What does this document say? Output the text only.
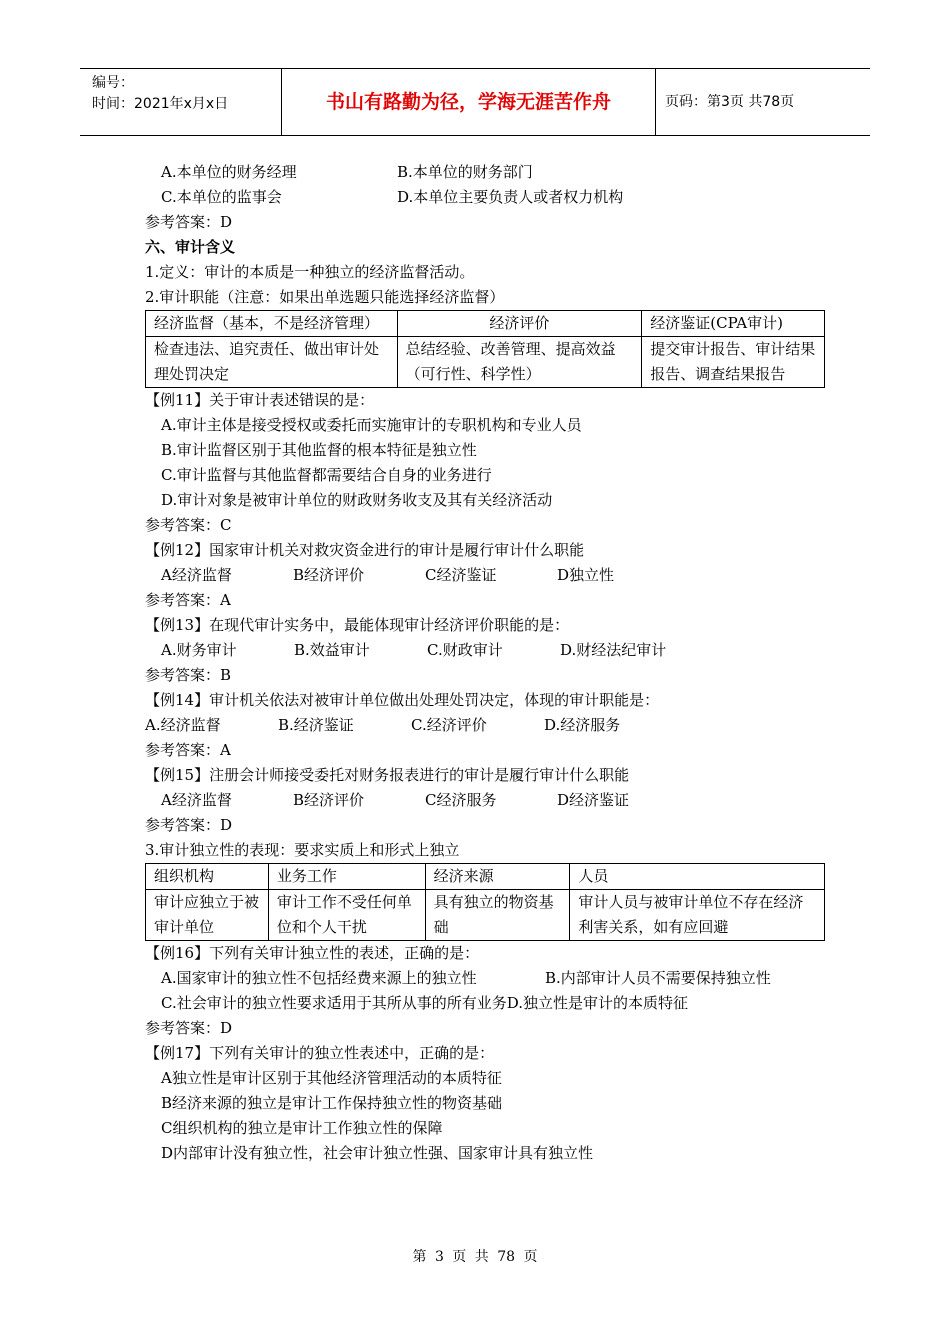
编号：
时间：2021年x月x日	书山有路勤为径，学海无涯苦作舟	页码：第3页 共78页
A.本单位的财务经理	B.本单位的财务部门
C.本单位的监事会	D.本单位主要负责人或者权力机构
参考答案：D
六、审计含义
1.定义：审计的本质是一种独立的经济监督活动。
2.审计职能（注意：如果出单选题只能选择经济监督）
经济监督（基本，不是经济管理）	经济评价	经济鉴证(CPA审计)
检查违法、追究责任、做出审计处理处罚决定	总结经验、改善管理、提高效益（可行性、科学性）	提交审计报告、审计结果报告、调查结果报告
【例11】关于审计表述错误的是：
A.审计主体是接受授权或委托而实施审计的专职机构和专业人员
B.审计监督区别于其他监督的根本特征是独立性
C.审计监督与其他监督都需要结合自身的业务进行
D.审计对象是被审计单位的财政财务收支及其有关经济活动
参考答案：C
【例12】国家审计机关对救灾资金进行的审计是履行审计什么职能
A经济监督	B经济评价	C经济鉴证	D独立性
参考答案：A
【例13】在现代审计实务中，最能体现审计经济评价职能的是：
A.财务审计	B.效益审计	C.财政审计	D.财经法纪审计
参考答案：B
【例14】审计机关依法对被审计单位做出处理处罚决定，体现的审计职能是：
A.经济监督	B.经济鉴证	C.经济评价	D.经济服务
参考答案：A
【例15】注册会计师接受委托对财务报表进行的审计是履行审计什么职能
A经济监督	B经济评价	C经济服务	D经济鉴证
参考答案：D
3.审计独立性的表现：要求实质上和形式上独立
组织机构	业务工作	经济来源	人员
审计应独立于被审计单位	审计工作不受任何单位和个人干扰	具有独立的物资基础	审计人员与被审计单位不存在经济利害关系，如有应回避
【例16】下列有关审计独立性的表述，正确的是：
A.国家审计的独立性不包括经费来源上的独立性	B.内部审计人员不需要保持独立性
C.社会审计的独立性要求适用于其所从事的所有业务D.独立性是审计的本质特征
参考答案：D
【例17】下列有关审计的独立性表述中，正确的是：
A独立性是审计区别于其他经济管理活动的本质特征
B经济来源的独立是审计工作保持独立性的物资基础
C组织机构的独立是审计工作独立性的保障
D内部审计没有独立性，社会审计独立性强、国家审计具有独立性
第 3 页 共 78 页
